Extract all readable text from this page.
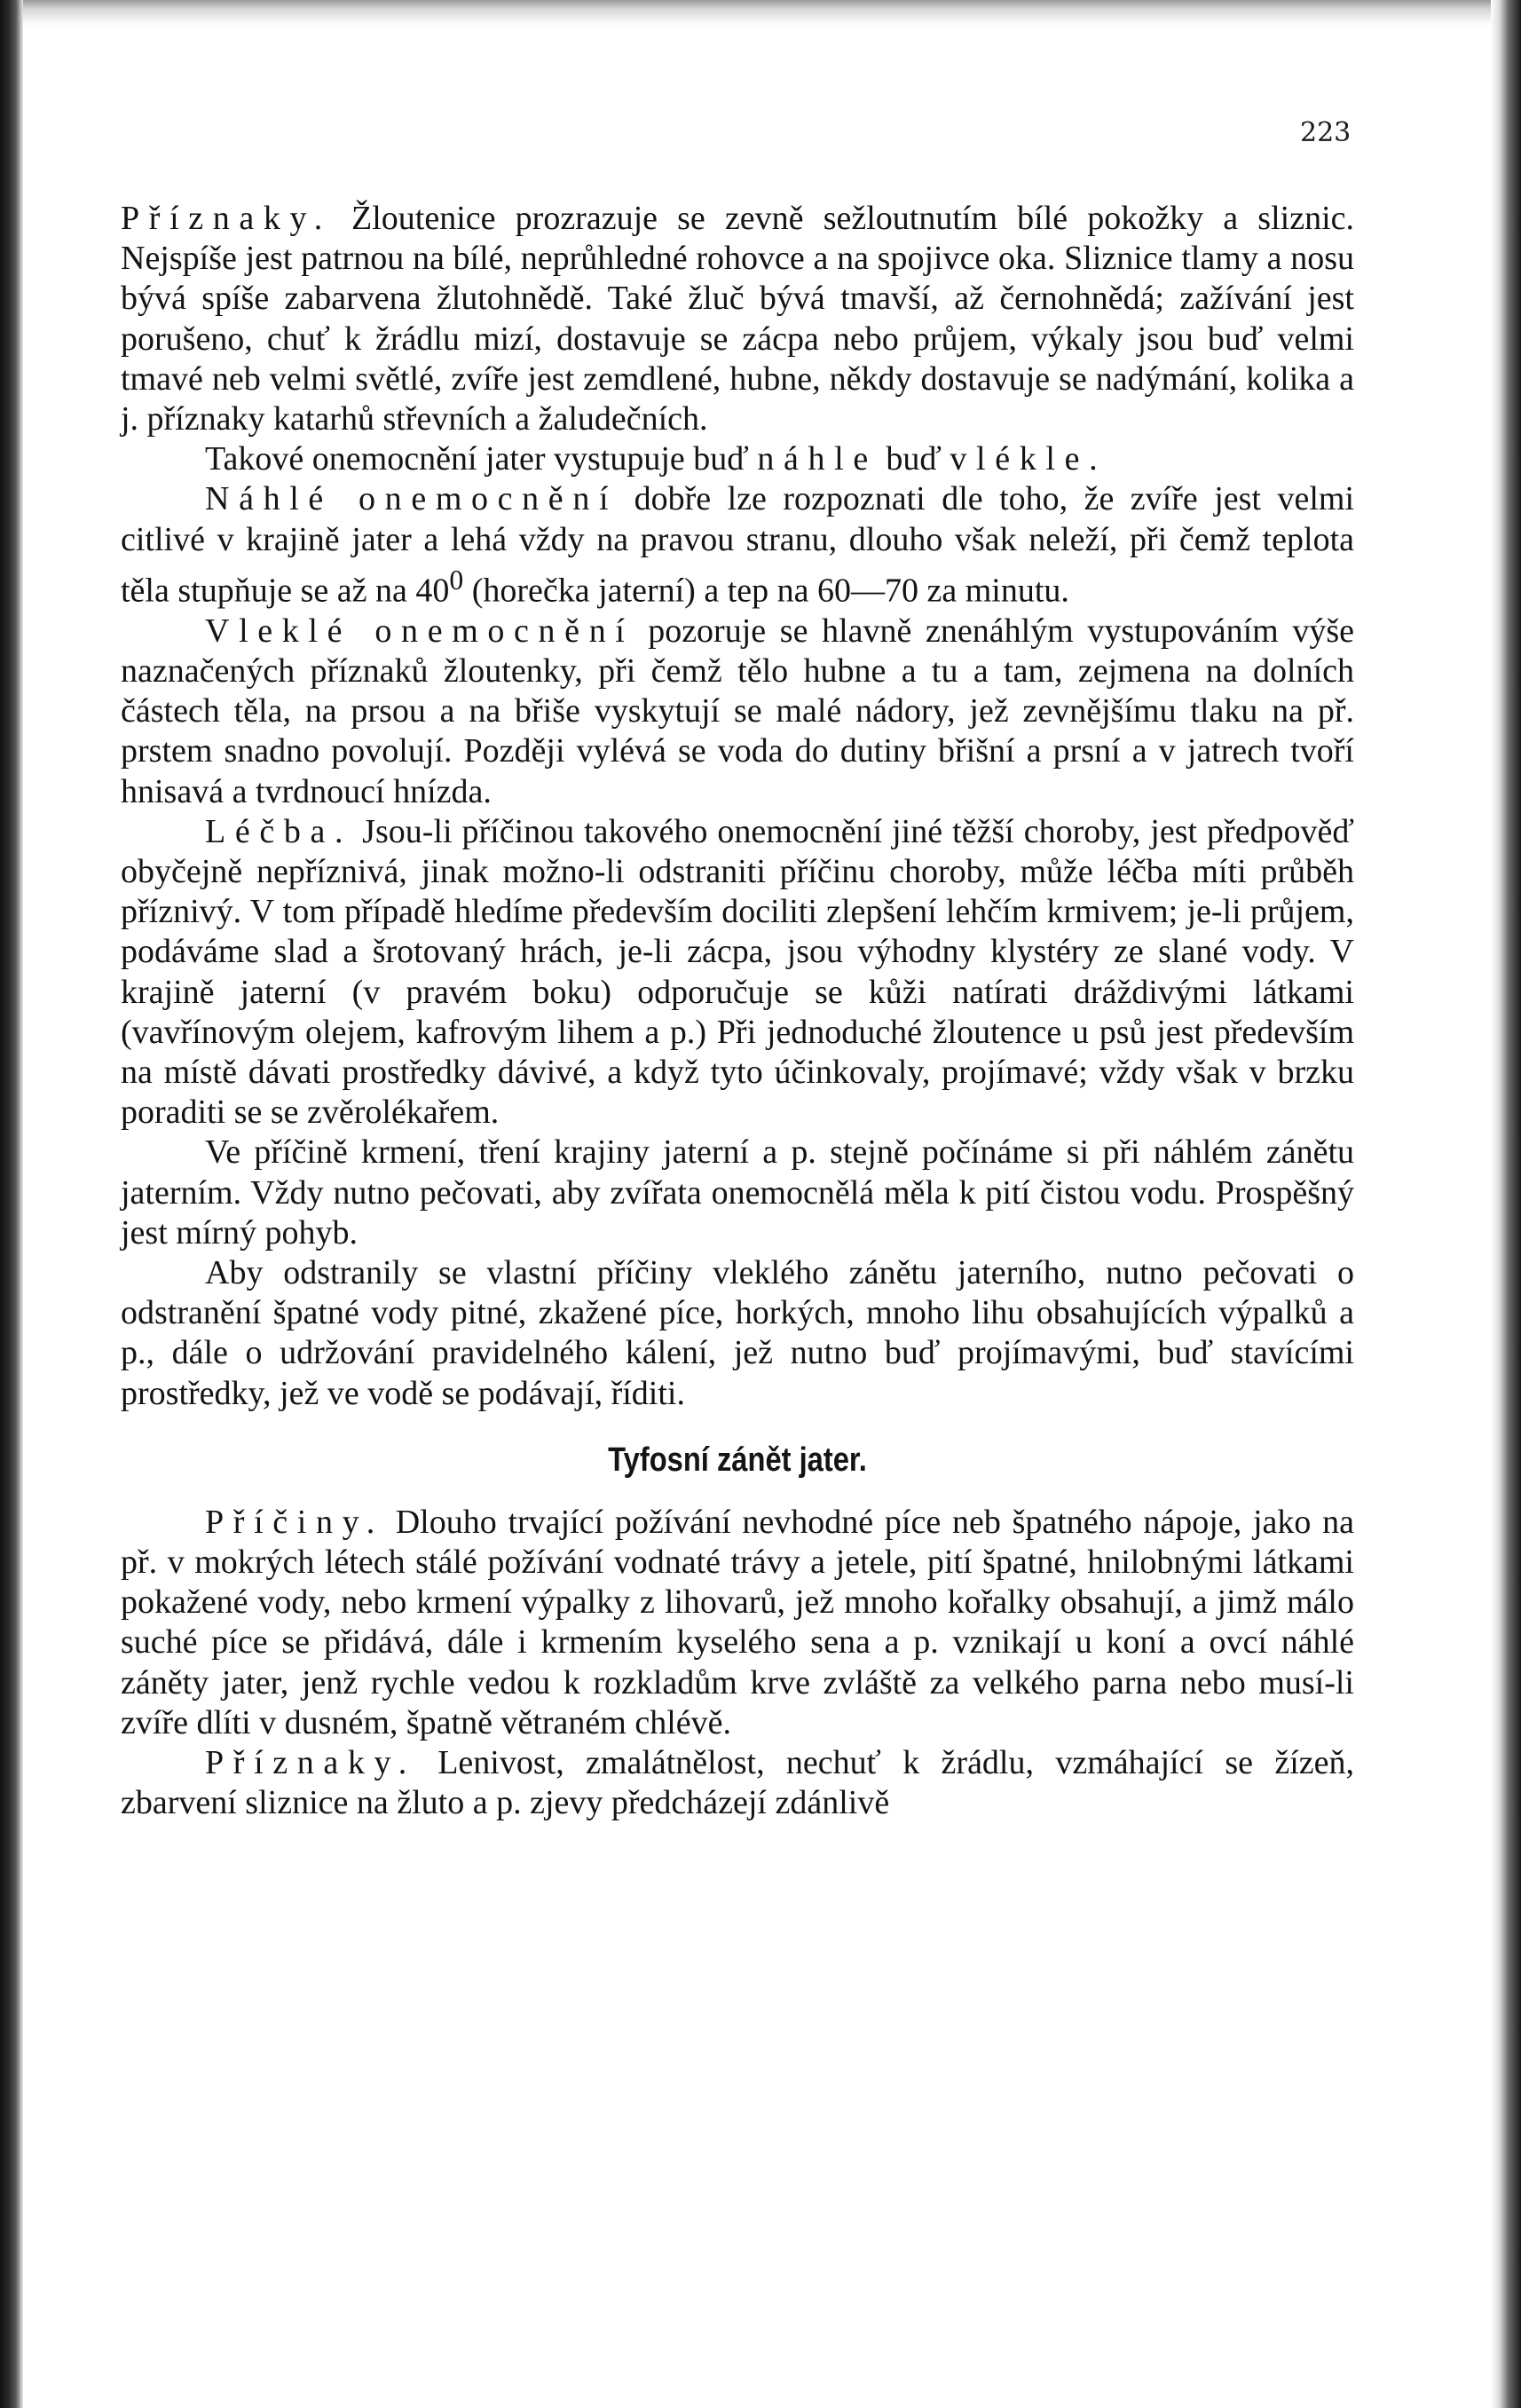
223

Příznaky. Žloutenice prozrazuje se zevně sežloutnutím bílé pokožky a sliznic. Nejspíše jest patrnou na bílé, neprůhledné rohovce a na spojivce oka. Sliznice tlamy a nosu bývá spíše zabarvena žlutohnědě. Také žluč bývá tmavší, až černohnědá; zažívání jest porušeno, chuť k žrádlu mizí, dostavuje se zácpa nebo průjem, výkaly jsou buď velmi tmavé neb velmi světlé, zvíře jest zemdlené, hubne, někdy dostavuje se nadýmání, kolika a j. příznaky katarhů střevních a žaludečních.

Takové onemocnění jater vystupuje buď náhle buď vlékle.

Náhlé onemocnění dobře lze rozpoznati dle toho, že zvíře jest velmi citlivé v krajině jater a lehá vždy na pravou stranu, dlouho však neleží, při čemž teplota těla stupňuje se až na $40^0$ (horečka jaterní) a tep na 60—70 za minutu.

Vleklé onemocnění pozoruje se hlavně znenáhlým vystupováním výše naznačených příznaků žloutenky, při čemž tělo hubne a tu a tam, zejmena na dolních částech těla, na prsou a na břiše vyskytují se malé nádory, jež zevnějšímu tlaku na př. prstem snadno povolují. Později vylévá se voda do dutiny břišní a prsní a v jatrech tvoří hnisavá a tvrdnoucí hnízda.

Léčba. Jsou-li příčinou takového onemocnění jiné těžší choroby, jest předpověď obyčejně nepříznivá, jinak možno-li odstraniti příčinu choroby, může léčba míti průběh příznivý. V tom případě hledíme především dociliti zlepšení lehčím krmivem; je-li průjem, podáváme slad a šrotovaný hrách, je-li zácpa, jsou výhodny klystéry ze slané vody. V krajině jaterní (v pravém boku) odporučuje se kůži natírati dráždivými látkami (vavřínovým olejem, kafrovým lihem a p.) Při jednoduché žloutence u psů jest především na místě dávati prostředky dávivé, a když tyto účinkovaly, projímavé; vždy však v brzku poraditi se se zvěrolékařem.

Ve příčině krmení, tření krajiny jaterní a p. stejně počínáme si při náhlém zánětu jaterním. Vždy nutno pečovati, aby zvířata onemocnělá měla k pití čistou vodu. Prospěšný jest mírný pohyb.

Aby odstranily se vlastní příčiny vleklého zánětu jaterního, nutno pečovati o odstranění špatné vody pitné, zkažené píce, horkých, mnoho lihu obsahujících výpalků a p., dále o udržování pravidelného kálení, jež nutno buď projímavými, buď stavícími prostředky, jež ve vodě se podávají, říditi.

Tyfosní zánět jater.

Příčiny. Dlouho trvající požívání nevhodné píce neb špatného nápoje, jako na př. v mokrých létech stálé požívání vodnaté trávy a jetele, pití špatné, hnilobnými látkami pokažené vody, nebo krmení výpalky z lihovarů, jež mnoho kořalky obsahují, a jimž málo suché píce se přidává, dále i krmením kyselého sena a p. vznikají u koní a ovcí náhlé záněty jater, jenž rychle vedou k rozkladům krve zvláště za velkého parna nebo musí-li zvíře dlíti v dusném, špatně větraném chlévě.

Příznaky. Lenivost, zmalátnělost, nechuť k žrádlu, vzmáhající se žízeň, zbarvení sliznice na žluto a p. zjevy předcházejí zdánlivě
